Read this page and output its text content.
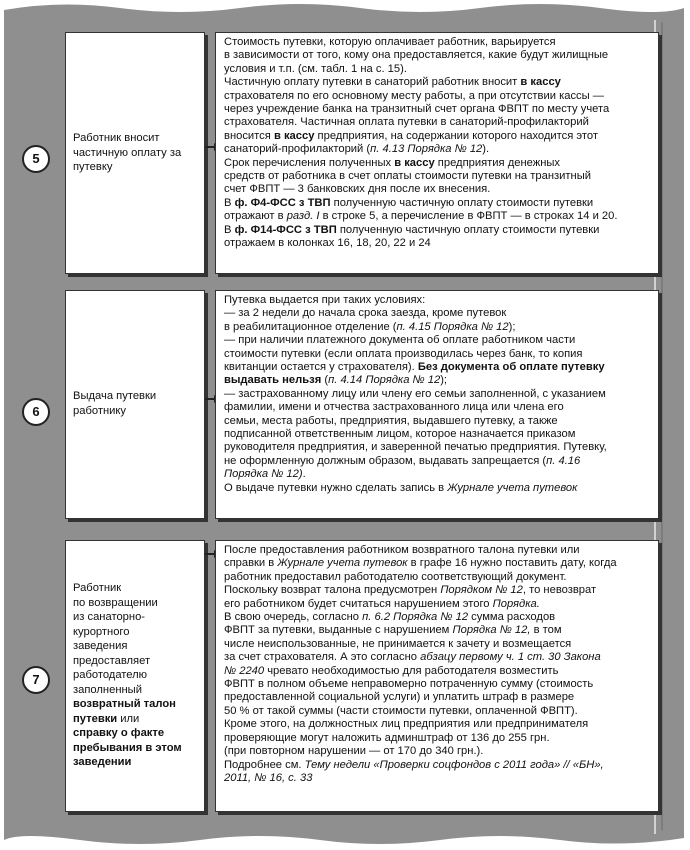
5
Работник вносит частичную оплату за путевку

Стоимость путевки, которую оплачивает работник, варьируется

в зависимости от того, кому она предоставляется, какие будут жилищные

условия и т.п. (см. табл. 1 на с. 15).

Частичную оплату путевки в санаторий работник вносит в кассу

страхователя по его основному месту работы, а при отсутствии кассы —

через учреждение банка на транзитный счет органа ФВПТ по месту учета

страхователя. Частичная оплата путевки в санаторий-профилакторий

вносится в кассу предприятия, на содержании которого находится этот

санаторий-профилакторий (п. 4.13 Порядка № 12).

Срок перечисления полученных в кассу предприятия денежных

средств от работника в счет оплаты стоимости путевки на транзитный

счет ФВПТ — 3 банковских дня после их внесения.

В ф. Ф4-ФСС з ТВП полученную частичную оплату стоимости путевки

отражают в разд. І в строке 5, а перечисление в ФВПТ — в строках 14 и 20.

В ф. Ф14-ФСС з ТВП полученную частичную оплату стоимости путевки

отражаем в колонках 16, 18, 20, 22 и 24

6
Выдача путевки работнику

Путевка выдается при таких условиях:

— за 2 недели до начала срока заезда, кроме путевок

в реабилитационное отделение (п. 4.15 Порядка № 12);

— при наличии платежного документа об оплате работником части

стоимости путевки (если оплата производилась через банк, то копия

квитанции остается у страхователя). Без документа об оплате путевку

выдавать нельзя (п. 4.14 Порядка № 12);

— застрахованному лицу или члену его семьи заполненной, с указанием

фамилии, имени и отчества застрахованного лица или члена его

семьи, места работы, предприятия, выдавшего путевку, а также

подписанной ответственным лицом, которое назначается приказом

руководителя предприятия, и заверенной печатью предприятия. Путевку,

не оформленную должным образом, выдавать запрещается (п. 4.16

Порядка № 12).

О выдаче путевки нужно сделать запись в Журнале учета путевок

7
Работник
по возвращении
из санаторно-
курортного
заведения
предоставляет
работодателю
заполненный
возвратный талон
путевки или
справку о факте
пребывания в этом
заведении

После предоставления работником возвратного талона путевки или

справки в Журнале учета путевок в графе 16 нужно поставить дату, когда

работник предоставил работодателю соответствующий документ.

Поскольку возврат талона предусмотрен Порядком № 12, то невозврат

его работником будет считаться нарушением этого Порядка.

В свою очередь, согласно п. 6.2 Порядка № 12 сумма расходов

ФВПТ за путевки, выданные с нарушением Порядка № 12, в том

числе неиспользованные, не принимается к зачету и возмещается

за счет страхователя. А это согласно абзацу первому ч. 1 ст. 30 Закона

№ 2240 чревато необходимостью для работодателя возместить

ФВПТ в полном объеме неправомерно потраченную сумму (стоимость

предоставленной социальной услуги) и уплатить штраф в размере

50 % от такой суммы (части стоимости путевки, оплаченной ФВПТ).

Кроме этого, на должностных лиц предприятия или предпринимателя

проверяющие могут наложить админштраф от 136 до 255 грн.

(при повторном нарушении — от 170 до 340 грн.).

Подробнее см. Тему недели «Проверки соцфондов с 2011 года» // «БН»,

2011, № 16, с. 33
